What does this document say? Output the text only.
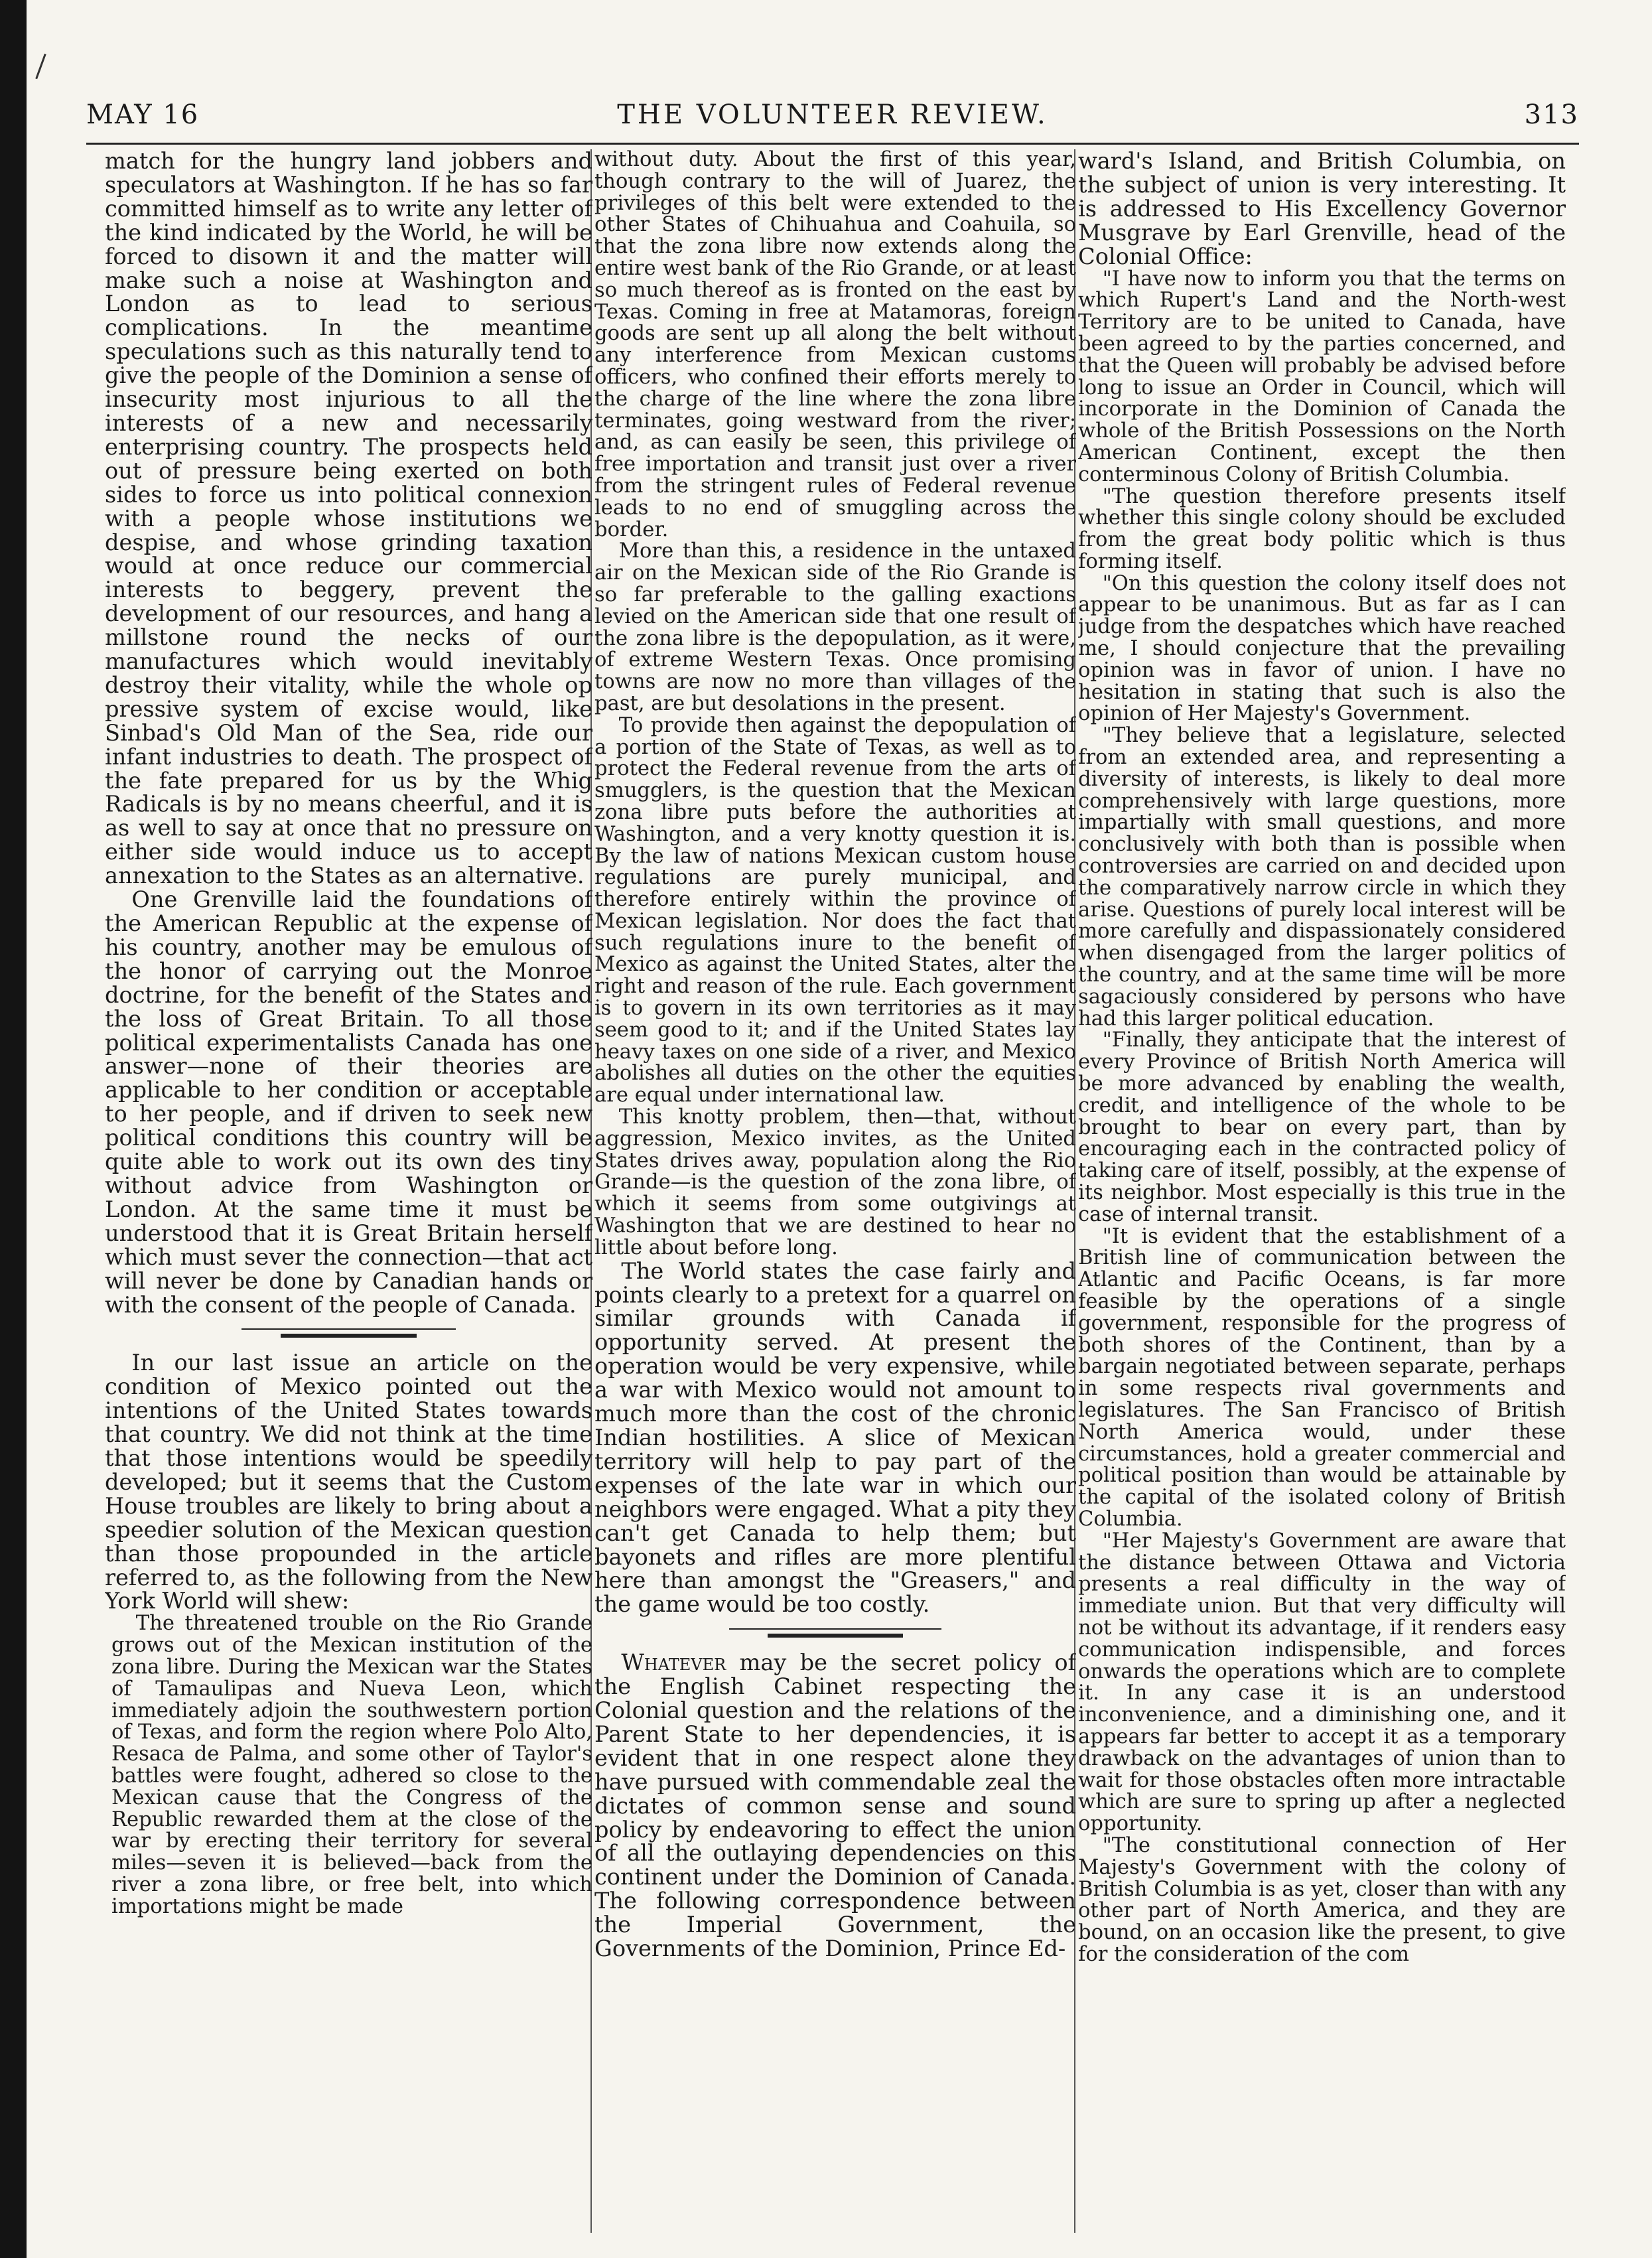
MAY 16	THE VOLUNTEER REVIEW.	313

match for the hungry land jobbers and speculators at Washington. If he has so far committed himself as to write any letter of the kind indicated by the World, he will be forced to disown it and the matter will make such a noise at Washington and London as to lead to serious complications. In the meantime speculations such as this naturally tend to give the people of the Dominion a sense of insecurity most injurious to all the interests of a new and necessarily enterprising country. The prospects held out of pressure being exerted on both sides to force us into political connexion with a people whose institutions we despise, and whose grinding taxation would at once reduce our commercial interests to beggery, prevent the development of our resources, and hang a millstone round the necks of our manufactures which would inevitably destroy their vitality, while the whole op pressive system of excise would, like Sinbad's Old Man of the Sea, ride our infant industries to death. The prospect of the fate prepared for us by the Whig Radicals is by no means cheerful, and it is as well to say at once that no pressure on either side would induce us to accept annexation to the States as an alternative.

One Grenville laid the foundations of the American Republic at the expense of his country, another may be emulous of the honor of carrying out the Monroe doctrine, for the benefit of the States and the loss of Great Britain. To all those political experimentalists Canada has one answer—none of their theories are applicable to her condition or acceptable to her people, and if driven to seek new political conditions this country will be quite able to work out its own des tiny without advice from Washington or London. At the same time it must be understood that it is Great Britain herself which must sever the connection—that act will never be done by Canadian hands or with the consent of the people of Canada.

In our last issue an article on the condition of Mexico pointed out the intentions of the United States towards that country. We did not think at the time that those intentions would be speedily developed; but it seems that the Custom House troubles are likely to bring about a speedier solution of the Mexican question than those propounded in the article referred to, as the following from the New York World will shew:

The threatened trouble on the Rio Grande grows out of the Mexican institution of the zona libre. During the Mexican war the States of Tamaulipas and Nueva Leon, which immediately adjoin the southwestern portion of Texas, and form the region where Polo Alto, Resaca de Palma, and some other of Taylor's battles were fought, adhered so close to the Mexican cause that the Congress of the Republic rewarded them at the close of the war by erecting their territory for several miles—seven it is believed—back from the river a zona libre, or free belt, into which importations might be made

without duty. About the first of this year, though contrary to the will of Juarez, the privileges of this belt were extended to the other States of Chihuahua and Coahuila, so that the zona libre now extends along the entire west bank of the Rio Grande, or at least so much thereof as is fronted on the east by Texas. Coming in free at Matamoras, foreign goods are sent up all along the belt without any interference from Mexican customs officers, who confined their efforts merely to the charge of the line where the zona libre terminates, going westward from the river; and, as can easily be seen, this privilege of free importation and transit just over a river from the stringent rules of Federal revenue leads to no end of smuggling across the border.

More than this, a residence in the untaxed air on the Mexican side of the Rio Grande is so far preferable to the galling exactions levied on the American side that one result of the zona libre is the depopulation, as it were, of extreme Western Texas. Once promising towns are now no more than villages of the past, are but desolations in the present.

To provide then against the depopulation of a portion of the State of Texas, as well as to protect the Federal revenue from the arts of smugglers, is the question that the Mexican zona libre puts before the authorities at Washington, and a very knotty question it is. By the law of nations Mexican custom house regulations are purely municipal, and therefore entirely within the province of Mexican legislation. Nor does the fact that such regulations inure to the benefit of Mexico as against the United States, alter the right and reason of the rule. Each government is to govern in its own territories as it may seem good to it; and if the United States lay heavy taxes on one side of a river, and Mexico abolishes all duties on the other the equities are equal under international law.

This knotty problem, then—that, without aggression, Mexico invites, as the United States drives away, population along the Rio Grande—is the question of the zona libre, of which it seems from some outgivings at Washington that we are destined to hear no little about before long.

The World states the case fairly and points clearly to a pretext for a quarrel on similar grounds with Canada if opportunity served. At present the operation would be very expensive, while a war with Mexico would not amount to much more than the cost of the chronic Indian hostilities. A slice of Mexican territory will help to pay part of the expenses of the late war in which our neighbors were engaged. What a pity they can't get Canada to help them; but bayonets and rifles are more plentiful here than amongst the "Greasers," and the game would be too costly.

Whatever may be the secret policy of the English Cabinet respecting the Colonial question and the relations of the Parent State to her dependencies, it is evident that in one respect alone they have pursued with commendable zeal the dictates of common sense and sound policy by endeavoring to effect the union of all the outlaying dependencies on this continent under the Dominion of Canada. The following correspondence between the Imperial Government, the Governments of the Dominion, Prince Ed-

ward's Island, and British Columbia, on the subject of union is very interesting. It is addressed to His Excellency Governor Musgrave by Earl Grenville, head of the Colonial Office:

"I have now to inform you that the terms on which Rupert's Land and the North-west Territory are to be united to Canada, have been agreed to by the parties concerned, and that the Queen will probably be advised before long to issue an Order in Council, which will incorporate in the Dominion of Canada the whole of the British Possessions on the North American Continent, except the then conterminous Colony of British Columbia.

"The question therefore presents itself whether this single colony should be excluded from the great body politic which is thus forming itself.

"On this question the colony itself does not appear to be unanimous. But as far as I can judge from the despatches which have reached me, I should conjecture that the prevailing opinion was in favor of union. I have no hesitation in stating that such is also the opinion of Her Majesty's Government.

"They believe that a legislature, selected from an extended area, and representing a diversity of interests, is likely to deal more comprehensively with large questions, more impartially with small questions, and more conclusively with both than is possible when controversies are carried on and decided upon the comparatively narrow circle in which they arise. Questions of purely local interest will be more carefully and dispassionately considered when disengaged from the larger politics of the country, and at the same time will be more sagaciously considered by persons who have had this larger political education.

"Finally, they anticipate that the interest of every Province of British North America will be more advanced by enabling the wealth, credit, and intelligence of the whole to be brought to bear on every part, than by encouraging each in the contracted policy of taking care of itself, possibly, at the expense of its neighbor. Most especially is this true in the case of internal transit.

"It is evident that the establishment of a British line of communication between the Atlantic and Pacific Oceans, is far more feasible by the operations of a single government, responsible for the progress of both shores of the Continent, than by a bargain negotiated between separate, perhaps in some respects rival governments and legislatures. The San Francisco of British North America would, under these circumstances, hold a greater commercial and political position than would be attainable by the capital of the isolated colony of British Columbia.

"Her Majesty's Government are aware that the distance between Ottawa and Victoria presents a real difficulty in the way of immediate union. But that very difficulty will not be without its advantage, if it renders easy communication indispensible, and forces onwards the operations which are to complete it. In any case it is an understood inconvenience, and a diminishing one, and it appears far better to accept it as a temporary drawback on the advantages of union than to wait for those obstacles often more intractable which are sure to spring up after a neglected opportunity.

"The constitutional connection of Her Majesty's Government with the colony of British Columbia is as yet, closer than with any other part of North America, and they are bound, on an occasion like the present, to give for the consideration of the com
